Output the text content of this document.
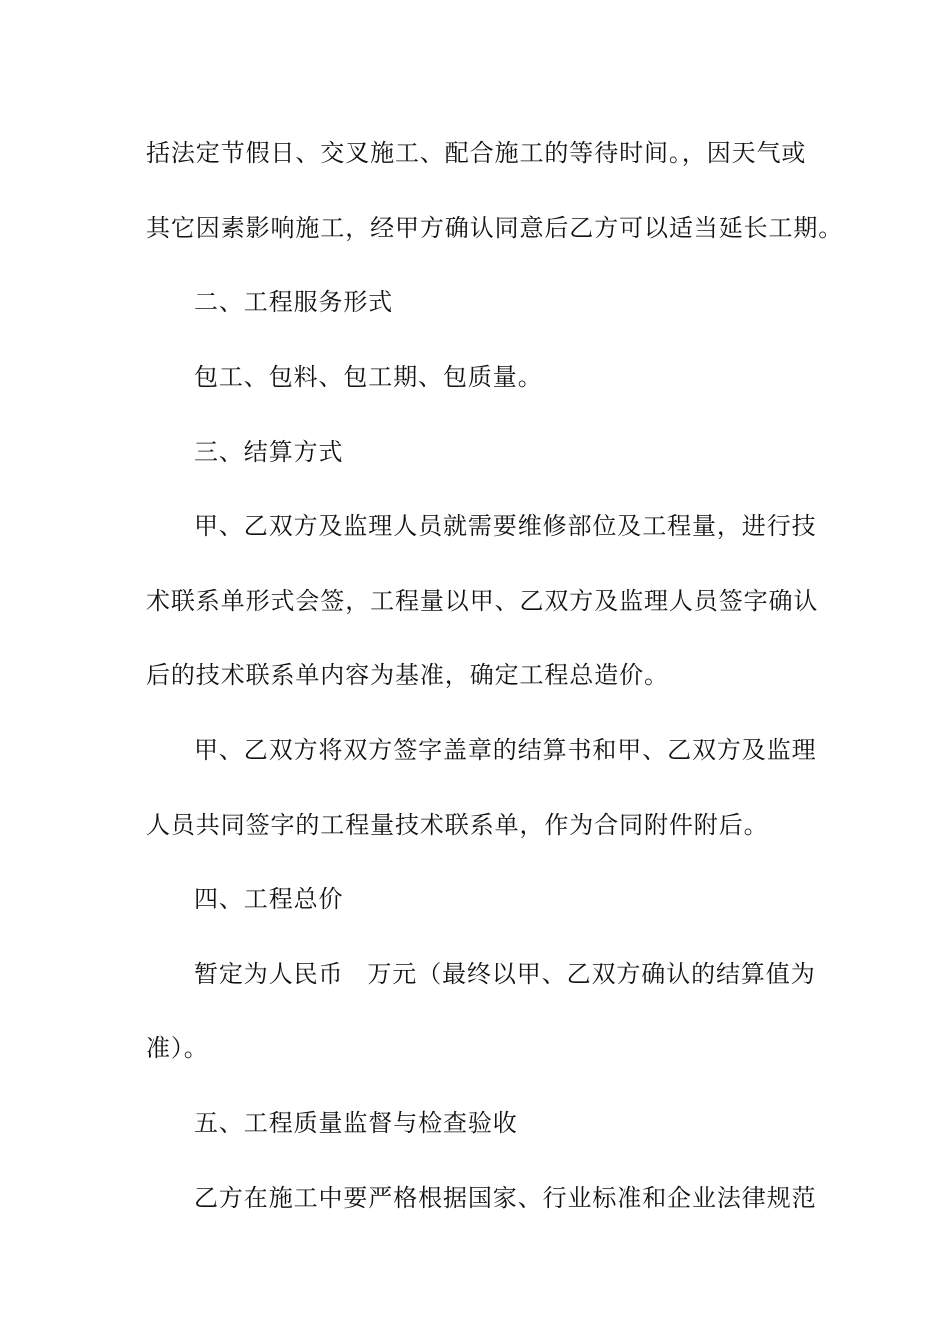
括法定节假日、交叉施工、配合施工的等待时间。，因天气或
其它因素影响施工，经甲方确认同意后乙方可以适当延长工期。
二、工程服务形式
包工、包料、包工期、包质量。
三、结算方式
甲、乙双方及监理人员就需要维修部位及工程量，进行技
术联系单形式会签，工程量以甲、乙双方及监理人员签字确认
后的技术联系单内容为基准，确定工程总造价。
甲、乙双方将双方签字盖章的结算书和甲、乙双方及监理
人员共同签字的工程量技术联系单，作为合同附件附后。
四、工程总价
暂定为人民币 万元（最终以甲、乙双方确认的结算值为
准）。
五、工程质量监督与检查验收
乙方在施工中要严格根据国家、行业标准和企业法律规范
